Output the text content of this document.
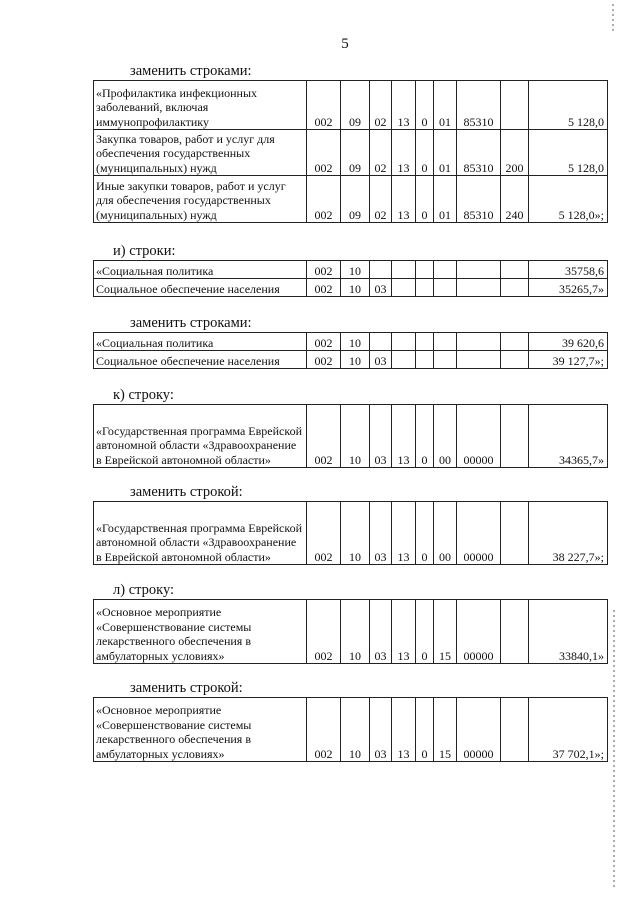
5
заменить строками:
«Профилактика инфекционных заболеваний, включая иммунопрофилактику	002	09	02	13	0	01	85310		5 128,0
Закупка товаров, работ и услуг для обеспечения государственных (муниципальных) нужд	002	09	02	13	0	01	85310	200	5 128,0
Иные закупки товаров, работ и услуг для обеспечения государственных (муниципальных) нужд	002	09	02	13	0	01	85310	240	5 128,0»;
и) строки:
«Социальная политика	002	10							35758,6
Социальное обеспечение населения	002	10	03						35265,7»
заменить строками:
«Социальная политика	002	10							39 620,6
Социальное обеспечение населения	002	10	03						39 127,7»;
к) строку:
«Государственная программа Еврейской автономной области «Здравоохранение в Еврейской автономной области»	002	10	03	13	0	00	00000		34365,7»
заменить строкой:
«Государственная программа Еврейской автономной области «Здравоохранение в Еврейской автономной области»	002	10	03	13	0	00	00000		38 227,7»;
л) строку:
«Основное мероприятие «Совершенствование системы лекарственного обеспечения в амбулаторных условиях»	002	10	03	13	0	15	00000		33840,1»
заменить строкой:
«Основное мероприятие «Совершенствование системы лекарственного обеспечения в амбулаторных условиях»	002	10	03	13	0	15	00000		37 702,1»;
